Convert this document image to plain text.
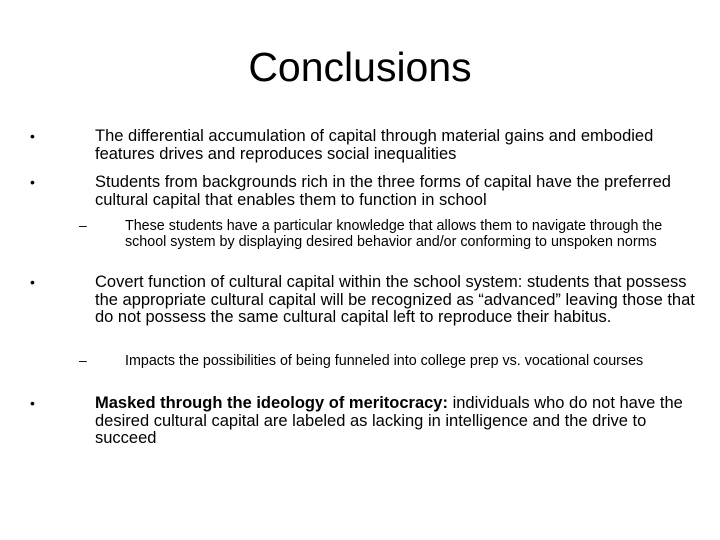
Conclusions
•	The differential accumulation of capital through material gains and embodied features drives and reproduces social inequalities
•	Students from backgrounds rich in the three forms of capital have the preferred cultural capital that enables them to function in school
–	These students have a particular knowledge that allows them to navigate through the school system by displaying desired behavior and/or conforming to unspoken norms
•	Covert function of cultural capital within the school system: students that possess the appropriate cultural capital will be recognized as “advanced” leaving those that do not possess the same cultural capital left to reproduce their habitus.
–	Impacts the possibilities of being funneled into college prep vs. vocational courses
•	Masked through the ideology of meritocracy: individuals who do not have the desired cultural capital are labeled as lacking in intelligence and the drive to succeed
